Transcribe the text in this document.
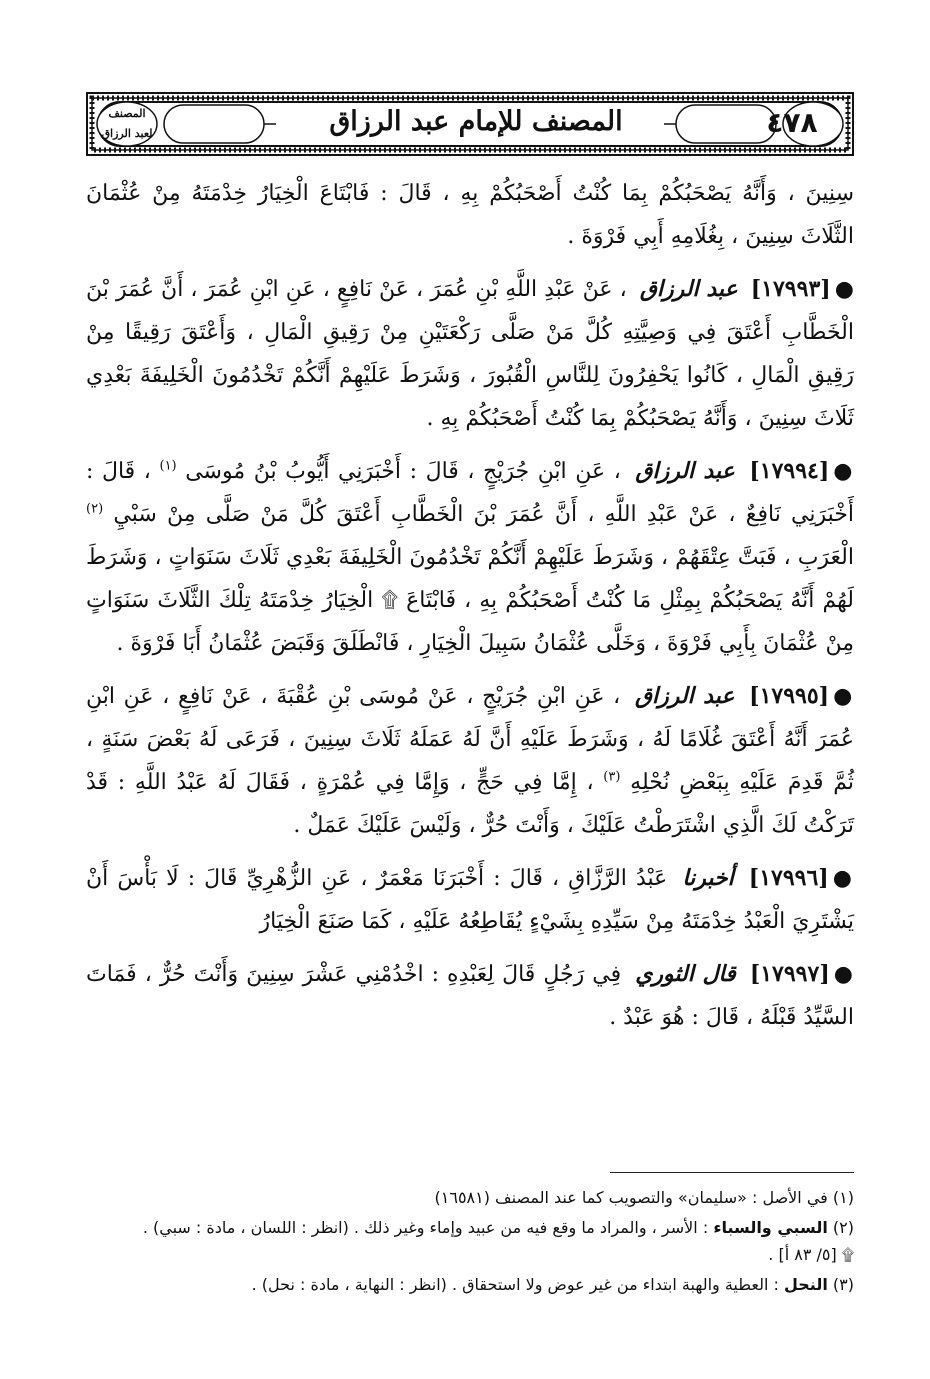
٤٧٨
المصنف للإمام عبد الرزاق
المصنف
لعبد الرزاق

سِنِينَ ، وَأَنَّهُ يَصْحَبُكُمْ بِمَا كُنْتُ أَصْحَبُكُمْ بِهِ ، قَالَ : فَابْتَاعَ الْخِيَارُ خِدْمَتَهُ مِنْ عُثْمَانَ الثَّلَاثَ سِنِينَ ، بِغُلَامِهِ أَبِي فَرْوَةَ .

●[١٧٩٩٣] عبد الرزاق ، عَنْ عَبْدِ اللَّهِ بْنِ عُمَرَ ، عَنْ نَافِعٍ ، عَنِ ابْنِ عُمَرَ ، أَنَّ عُمَرَ بْنَ الْخَطَّابِ أَعْتَقَ فِي وَصِيَّتِهِ كُلَّ مَنْ صَلَّى رَكْعَتَيْنِ مِنْ رَقِيقِ الْمَالِ ، وَأَعْتَقَ رَقِيقًا مِنْ رَقِيقِ الْمَالِ ، كَانُوا يَحْفِرُونَ لِلنَّاسِ الْقُبُورَ ، وَشَرَطَ عَلَيْهِمْ أَنَّكُمْ تَخْدُمُونَ الْخَلِيفَةَ بَعْدِي ثَلَاثَ سِنِينَ ، وَأَنَّهُ يَصْحَبُكُمْ بِمَا كُنْتُ أَصْحَبُكُمْ بِهِ .

●[١٧٩٩٤] عبد الرزاق ، عَنِ ابْنِ جُرَيْجٍ ، قَالَ : أَخْبَرَنِي أَيُّوبُ بْنُ مُوسَى $^{(١)}$ ، قَالَ : أَخْبَرَنِي نَافِعٌ ، عَنْ عَبْدِ اللَّهِ ، أَنَّ عُمَرَ بْنَ الْخَطَّابِ أَعْتَقَ كُلَّ مَنْ صَلَّى مِنْ سَبْيِ $^{(٢)}$ الْعَرَبِ ، فَبَتَّ عِتْقَهُمْ ، وَشَرَطَ عَلَيْهِمْ أَنَّكُمْ تَخْدُمُونَ الْخَلِيفَةَ بَعْدِي ثَلَاثَ سَنَوَاتٍ ، وَشَرَطَ لَهُمْ أَنَّهُ يَصْحَبُكُمْ بِمِثْلِ مَا كُنْتُ أَصْحَبُكُمْ بِهِ ، فَابْتَاعَ ۩ الْخِيَارُ خِدْمَتَهُ تِلْكَ الثَّلَاثَ سَنَوَاتٍ مِنْ عُثْمَانَ بِأَبِي فَرْوَةَ ، وَخَلَّى عُثْمَانُ سَبِيلَ الْخِيَارِ ، فَانْطَلَقَ وَقَبَضَ عُثْمَانُ أَبَا فَرْوَةَ .

●[١٧٩٩٥] عبد الرزاق ، عَنِ ابْنِ جُرَيْجٍ ، عَنْ مُوسَى بْنِ عُقْبَةَ ، عَنْ نَافِعٍ ، عَنِ ابْنِ عُمَرَ أَنَّهُ أَعْتَقَ غُلَامًا لَهُ ، وَشَرَطَ عَلَيْهِ أَنَّ لَهُ عَمَلَهُ ثَلَاثَ سِنِينَ ، فَرَعَى لَهُ بَعْضَ سَنَةٍ ، ثُمَّ قَدِمَ عَلَيْهِ بِبَعْضِ نُحْلِهِ $^{(٣)}$ ، إِمَّا فِي حَجٍّ ، وَإِمَّا فِي عُمْرَةٍ ، فَقَالَ لَهُ عَبْدُ اللَّهِ : قَدْ تَرَكْتُ لَكَ الَّذِي اشْتَرَطْتُ عَلَيْكَ ، وَأَنْتَ حُرٌّ ، وَلَيْسَ عَلَيْكَ عَمَلٌ .

●[١٧٩٩٦] أخبرنا عَبْدُ الرَّزَّاقِ ، قَالَ : أَخْبَرَنَا مَعْمَرٌ ، عَنِ الزُّهْرِيِّ قَالَ : لَا بَأْسَ أَنْ يَشْتَرِيَ الْعَبْدُ خِدْمَتَهُ مِنْ سَيِّدِهِ بِشَيْءٍ يُقَاطِعُهُ عَلَيْهِ ، كَمَا صَنَعَ الْخِيَارُ

●[١٧٩٩٧] قال الثوري فِي رَجُلٍ قَالَ لِعَبْدِهِ : اخْدُمْنِي عَشْرَ سِنِينَ وَأَنْتَ حُرٌّ ، فَمَاتَ السَّيِّدُ قَبْلَهُ ، قَالَ : هُوَ عَبْدٌ .

(١) في الأصل : «سليمان» والتصويب كما عند المصنف (١٦٥٨١)

(٢) السبي والسباء : الأسر ، والمراد ما وقع فيه من عبيد وإماء وغير ذلك . (انظر : اللسان ، مادة : سبي) .
۩ [٥/ ٨٣ أ] .

(٣) النحل : العطية والهبة ابتداء من غير عوض ولا استحقاق . (انظر : النهاية ، مادة : نحل) .
